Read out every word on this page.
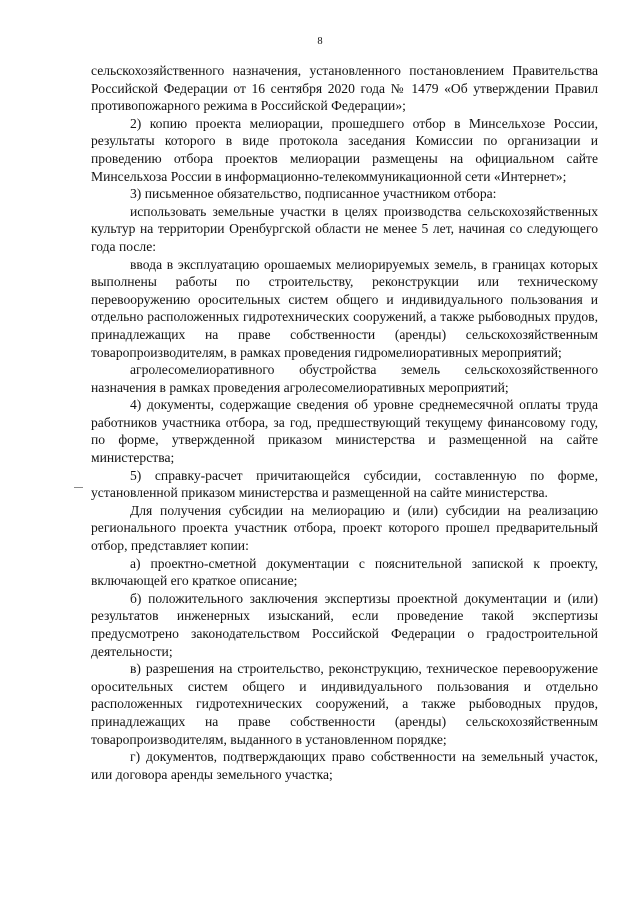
8

сельскохозяйственного назначения, установленного постановлением Правительства Российской Федерации от 16 сентября 2020 года № 1479 «Об утверждении Правил противопожарного режима в Российской Федерации»;

2) копию проекта мелиорации, прошедшего отбор в Минсельхозе России, результаты которого в виде протокола заседания Комиссии по организации и проведению отбора проектов мелиорации размещены на официальном сайте Минсельхоза России в информационно-телекоммуникационной сети «Интернет»;

3) письменное обязательство, подписанное участником отбора:

использовать земельные участки в целях производства сельскохозяйственных культур на территории Оренбургской области не менее 5 лет, начиная со следующего года после:

ввода в эксплуатацию орошаемых мелиорируемых земель, в границах которых выполнены работы по строительству, реконструкции или техническому перевооружению оросительных систем общего и индивидуального пользования и отдельно расположенных гидротехнических сооружений, а также рыбоводных прудов, принадлежащих на праве собственности (аренды) сельскохозяйственным товаропроизводителям, в рамках проведения гидромелиоративных мероприятий;

агролесомелиоративного обустройства земель сельскохозяйственного назначения в рамках проведения агролесомелиоративных мероприятий;

4) документы, содержащие сведения об уровне среднемесячной оплаты труда работников участника отбора, за год, предшествующий текущему финансовому году, по форме, утвержденной приказом министерства и размещенной на сайте министерства;

5) справку-расчет причитающейся субсидии, составленную по форме, установленной приказом министерства и размещенной на сайте министерства.

Для получения субсидии на мелиорацию и (или) субсидии на реализацию регионального проекта участник отбора, проект которого прошел предварительный отбор, представляет копии:

а) проектно-сметной документации с пояснительной запиской к проекту, включающей его краткое описание;

б) положительного заключения экспертизы проектной документации и (или) результатов инженерных изысканий, если проведение такой экспертизы предусмотрено законодательством Российской Федерации о градостроительной деятельности;

в) разрешения на строительство, реконструкцию, техническое перевооружение оросительных систем общего и индивидуального пользования и отдельно расположенных гидротехнических сооружений, а также рыбоводных прудов, принадлежащих на праве собственности (аренды) сельскохозяйственным товаропроизводителям, выданного в установленном порядке;

г) документов, подтверждающих право собственности на земельный участок, или договора аренды земельного участка;
